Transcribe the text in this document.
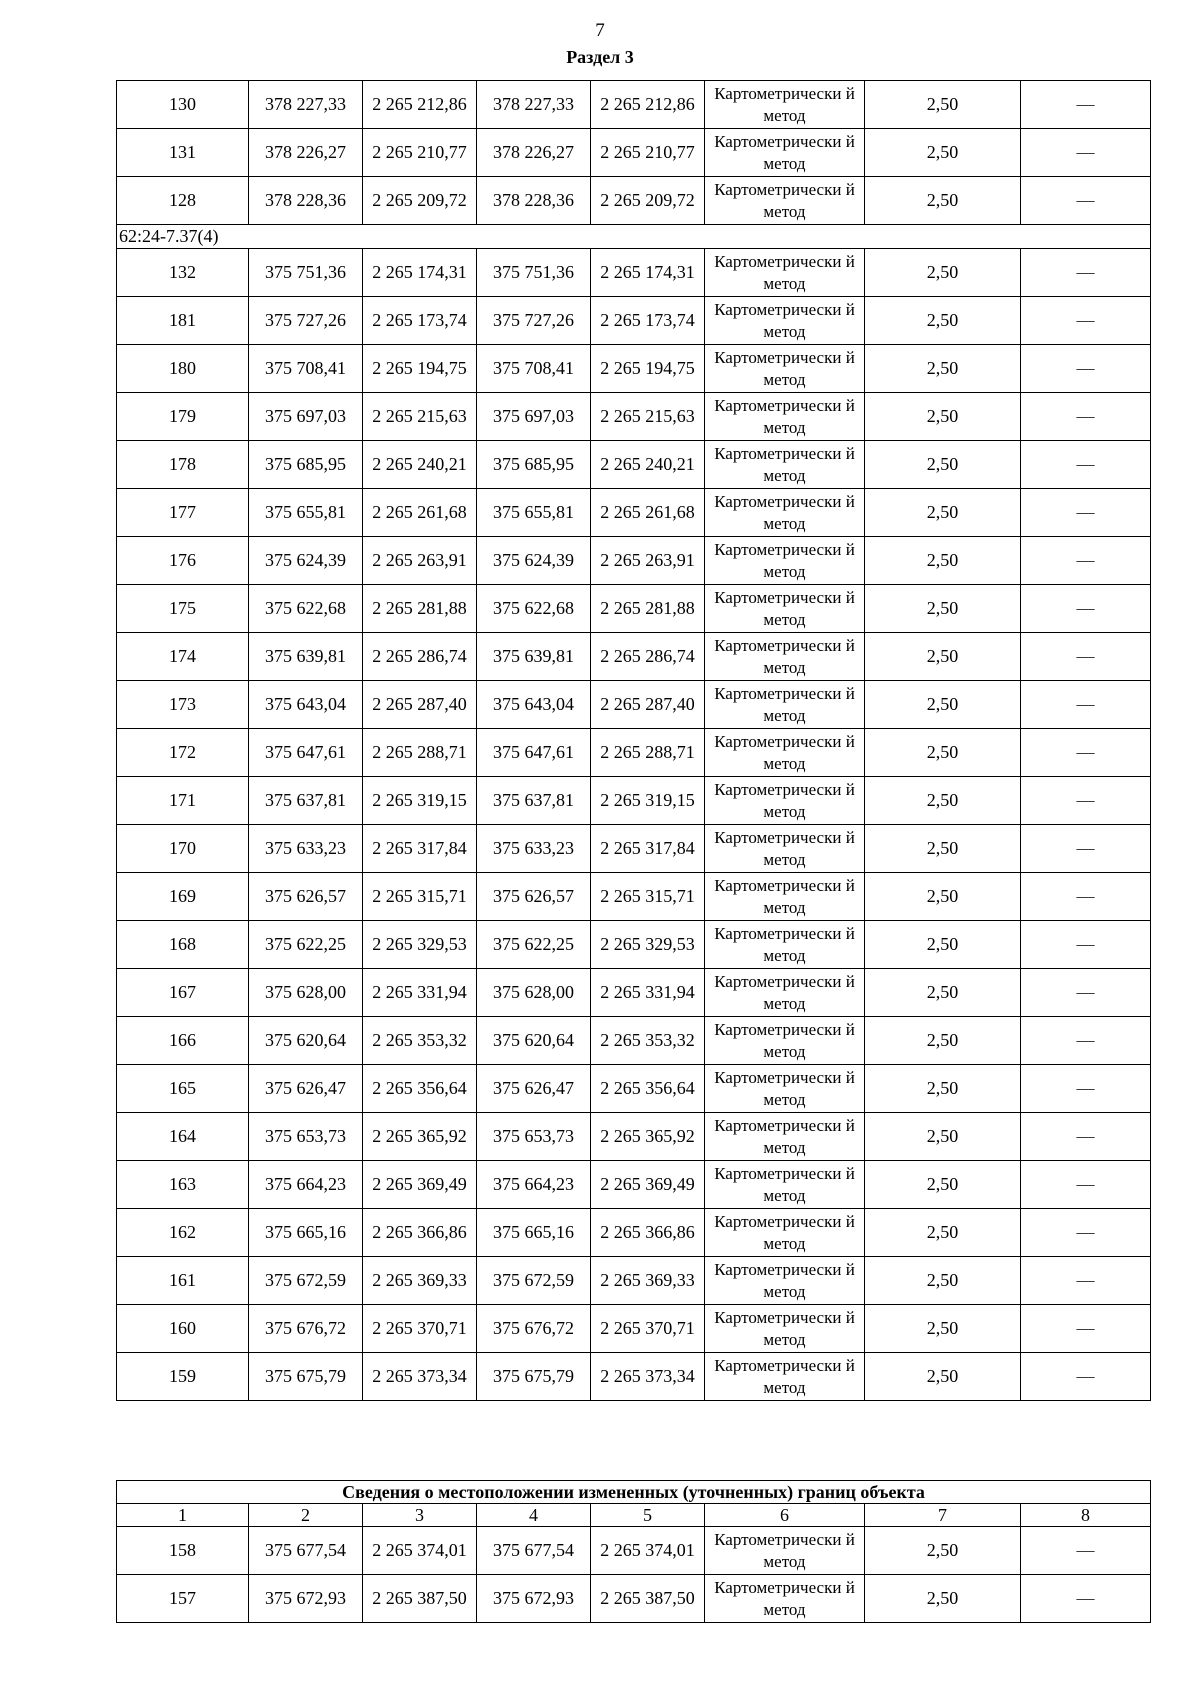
7
Раздел 3
130	378 227,33	2 265 212,86	378 227,33	2 265 212,86	Картометрически й метод	2,50	—
131	378 226,27	2 265 210,77	378 226,27	2 265 210,77	Картометрически й метод	2,50	—
128	378 228,36	2 265 209,72	378 228,36	2 265 209,72	Картометрически й метод	2,50	—
62:24-7.37(4)							
132	375 751,36	2 265 174,31	375 751,36	2 265 174,31	Картометрически й метод	2,50	—
181	375 727,26	2 265 173,74	375 727,26	2 265 173,74	Картометрически й метод	2,50	—
180	375 708,41	2 265 194,75	375 708,41	2 265 194,75	Картометрически й метод	2,50	—
179	375 697,03	2 265 215,63	375 697,03	2 265 215,63	Картометрически й метод	2,50	—
178	375 685,95	2 265 240,21	375 685,95	2 265 240,21	Картометрически й метод	2,50	—
177	375 655,81	2 265 261,68	375 655,81	2 265 261,68	Картометрически й метод	2,50	—
176	375 624,39	2 265 263,91	375 624,39	2 265 263,91	Картометрически й метод	2,50	—
175	375 622,68	2 265 281,88	375 622,68	2 265 281,88	Картометрически й метод	2,50	—
174	375 639,81	2 265 286,74	375 639,81	2 265 286,74	Картометрически й метод	2,50	—
173	375 643,04	2 265 287,40	375 643,04	2 265 287,40	Картометрически й метод	2,50	—
172	375 647,61	2 265 288,71	375 647,61	2 265 288,71	Картометрически й метод	2,50	—
171	375 637,81	2 265 319,15	375 637,81	2 265 319,15	Картометрически й метод	2,50	—
170	375 633,23	2 265 317,84	375 633,23	2 265 317,84	Картометрически й метод	2,50	—
169	375 626,57	2 265 315,71	375 626,57	2 265 315,71	Картометрически й метод	2,50	—
168	375 622,25	2 265 329,53	375 622,25	2 265 329,53	Картометрически й метод	2,50	—
167	375 628,00	2 265 331,94	375 628,00	2 265 331,94	Картометрически й метод	2,50	—
166	375 620,64	2 265 353,32	375 620,64	2 265 353,32	Картометрически й метод	2,50	—
165	375 626,47	2 265 356,64	375 626,47	2 265 356,64	Картометрически й метод	2,50	—
164	375 653,73	2 265 365,92	375 653,73	2 265 365,92	Картометрически й метод	2,50	—
163	375 664,23	2 265 369,49	375 664,23	2 265 369,49	Картометрически й метод	2,50	—
162	375 665,16	2 265 366,86	375 665,16	2 265 366,86	Картометрически й метод	2,50	—
161	375 672,59	2 265 369,33	375 672,59	2 265 369,33	Картометрически й метод	2,50	—
160	375 676,72	2 265 370,71	375 676,72	2 265 370,71	Картометрически й метод	2,50	—
159	375 675,79	2 265 373,34	375 675,79	2 265 373,34	Картометрически й метод	2,50	—
Сведения о местоположении измененных (уточненных) границ объекта							
1	2	3	4	5	6	7	8
158	375 677,54	2 265 374,01	375 677,54	2 265 374,01	Картометрически й метод	2,50	—
157	375 672,93	2 265 387,50	375 672,93	2 265 387,50	Картометрически й метод	2,50	—
